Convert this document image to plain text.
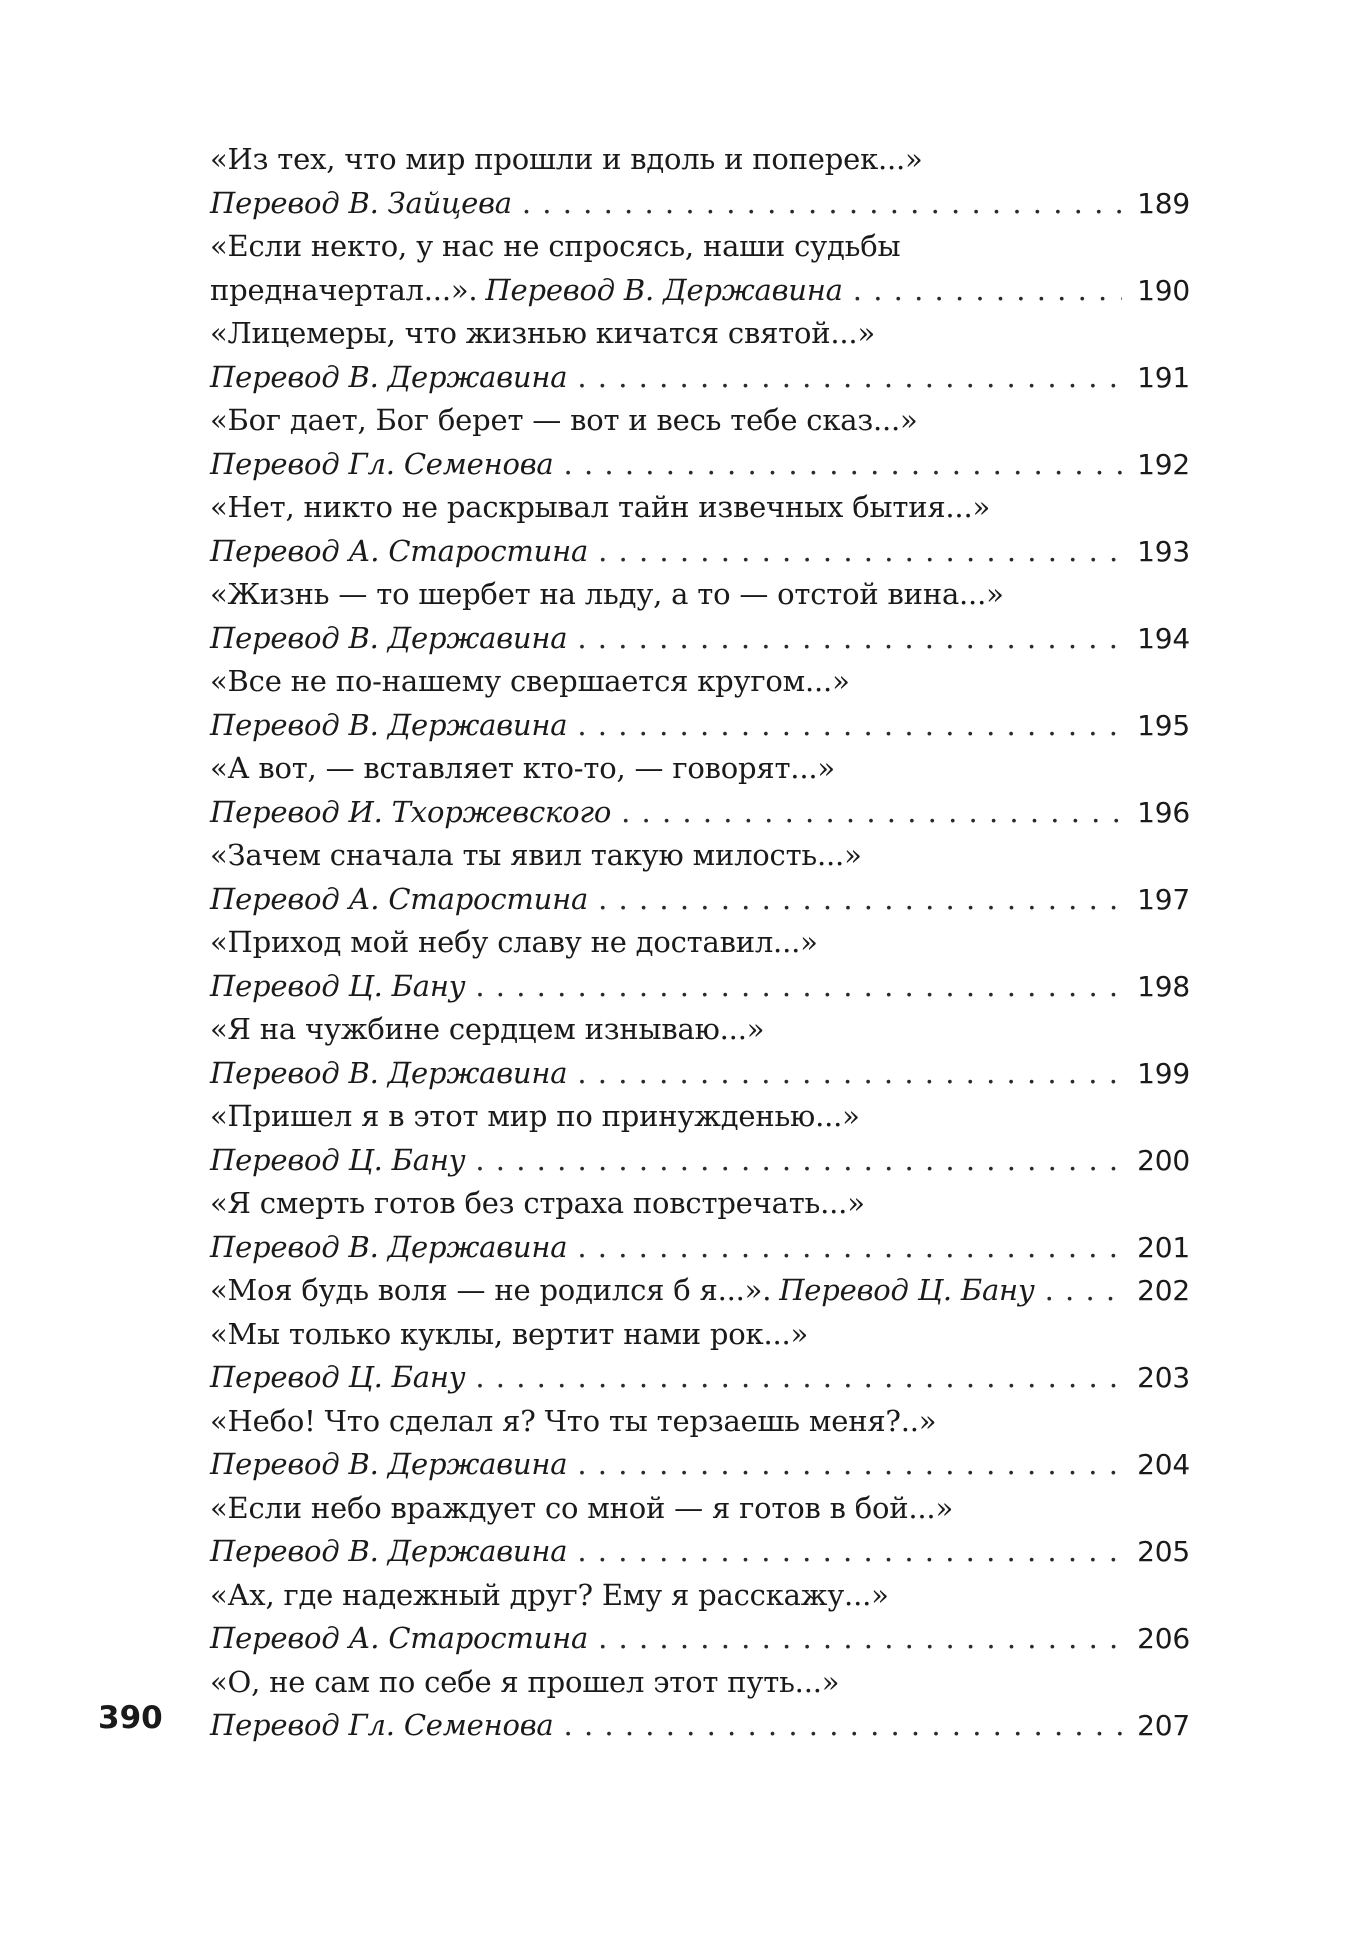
«Из тех, что мир прошли и вдоль и поперек...»
Перевод В. Зайцева . . .	189
«Если некто, у нас не спросясь, наши судьбы
предначертал...». Перевод В. Державина . . .	190
«Лицемеры, что жизнью кичатся святой...»
Перевод В. Державина . . .	191
«Бог дает, Бог берет — вот и весь тебе сказ...»
Перевод Гл. Семенова . . .	192
«Нет, никто не раскрывал тайн извечных бытия...»
Перевод А. Старостина . . .	193
«Жизнь — то шербет на льду, а то — отстой вина...»
Перевод В. Державина . . .	194
«Все не по-нашему свершается кругом...»
Перевод В. Державина . . .	195
«А вот, — вставляет кто-то, — говорят...»
Перевод И. Тхоржевского . . .	196
«Зачем сначала ты явил такую милость...»
Перевод А. Старостина . . .	197
«Приход мой небу славу не доставил...»
Перевод Ц. Бану . . .	198
«Я на чужбине сердцем изнываю...»
Перевод В. Державина . . .	199
«Пришел я в этот мир по принужденью...»
Перевод Ц. Бану . . .	200
«Я смерть готов без страха повстречать...»
Перевод В. Державина . . .	201
«Моя будь воля — не родился б я...». Перевод Ц. Бану . . .	202
«Мы только куклы, вертит нами рок...»
Перевод Ц. Бану . . .	203
«Небо! Что сделал я? Что ты терзаешь меня?..»
Перевод В. Державина . . .	204
«Если небо враждует со мной — я готов в бой...»
Перевод В. Державина . . .	205
«Ах, где надежный друг? Ему я расскажу...»
Перевод А. Старостина . . .	206
«О, не сам по себе я прошел этот путь...»
Перевод Гл. Семенова . . .	207
390
